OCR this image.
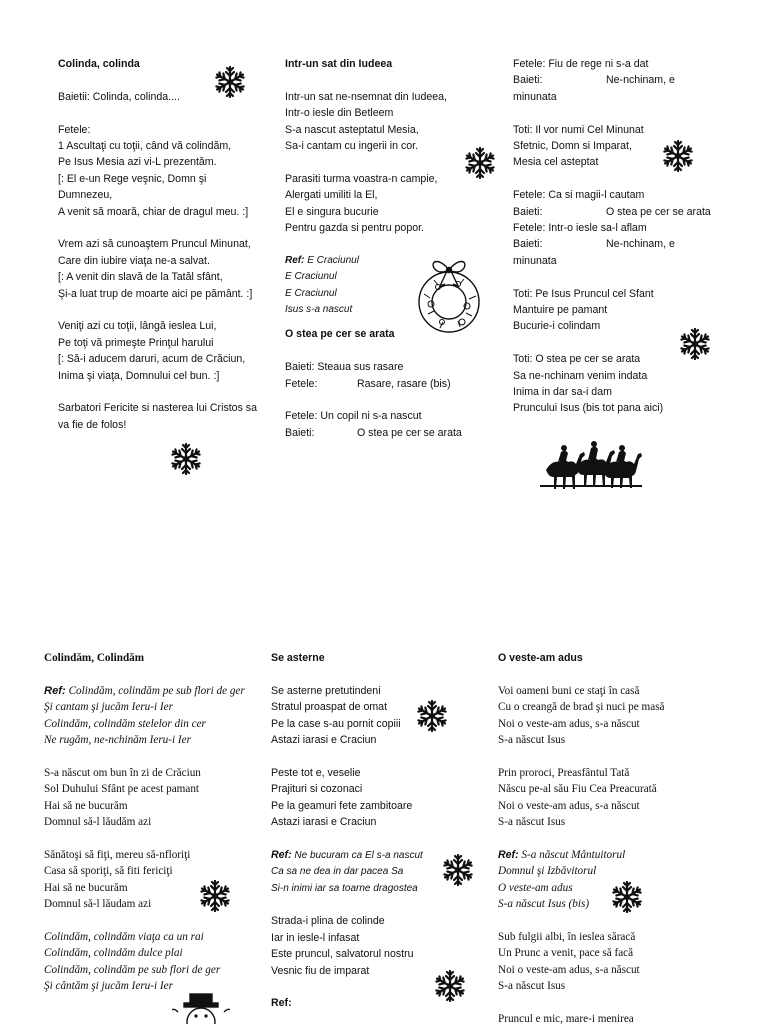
Colinda, colinda
Baietii: Colinda, colinda....
Fetele:
1 Ascultaţi cu toţii, când vă colindăm,
Pe Isus Mesia azi vi-L prezentăm.
[: El e-un Rege veşnic, Domn şi
Dumnezeu,
A venit să moară, chiar de dragul meu. :]
Vrem azi să cunoaştem Pruncul Minunat,
Care din iubire viaţa ne-a salvat.
[: A venit din slavă de la Tatăl sfânt,
Şi-a luat trup de moarte aici pe pământ. :]
Veniţi azi cu toţii, lângă ieslea Lui,
Pe toţi vă primeşte Prinţul harului
[: Să-i aducem daruri, acum de Crăciun,
Inima şi viaţa, Domnului cel bun. :]
Sarbatori Fericite si nasterea lui Cristos sa
va fie de folos!
Intr-un sat din Iudeea
Intr-un sat ne-nsemnat din Iudeea,
Intr-o iesle din Betleem
S-a nascut asteptatul Mesia,
Sa-i cantam cu ingerii in cor.
Parasiti turma voastra-n campie,
Alergati umiliti la El,
El e singura bucurie
Pentru gazda si pentru popor.
Ref: E Craciunul
E Craciunul
E Craciunul
Isus s-a nascut
O stea pe cer se arata
Baieti: Steaua sus rasare
Fetele:	Rasare, rasare (bis)
Fetele: Un copil ni s-a nascut
Baieti:	O stea pe cer se arata
Fetele: Fiu de rege ni s-a dat
Baieti:	Ne-nchinam, e
minunata
Toti: Il vor numi Cel Minunat
Sfetnic, Domn si Imparat,
Mesia cel asteptat
Fetele: Ca si magii-l cautam
Baieti:	O stea pe cer se arata
Fetele: Intr-o iesle sa-l aflam
Baieti:	Ne-nchinam, e
minunata
Toti: Pe Isus Pruncul cel Sfant
Mantuire pe pamant
Bucurie-i colindam
Toti: O stea pe cer se arata
Sa ne-nchinam venim indata
Inima in dar sa-i dam
Pruncului Isus (bis tot pana aici)
Colindăm, Colindăm
Ref: Colindăm, colindăm pe sub flori de ger
Şi cantam şi jucăm Ieru-i Ier
Colindăm, colindăm stelelor din cer
Ne rugăm, ne-nchinăm Ieru-i Ier
S-a născut om bun în zi de Crăciun
Sol Duhului Sfânt pe acest pamant
Hai să ne bucurăm
Domnul să-l lăudăm azi
Sănătoşi să fiţi, mereu să-nfloriţi
Casa să sporiţi, să fiti fericiţi
Hai să ne bucurăm
Domnul să-l lăudam azi
Colindăm, colindăm viaţa ca un rai
Colindăm, colindăm dulce plai
Colindăm, colindăm pe sub flori de ger
Şi cântăm şi jucăm Ieru-i Ier
Se asterne
Se asterne pretutindeni
Stratul proaspat de omat
Pe la case s-au pornit copiii
Astazi iarasi e Craciun
Peste tot e, veselie
Prajituri si cozonaci
Pe la geamuri fete zambitoare
Astazi iarasi e Craciun
Ref: Ne bucuram ca El s-a nascut
Ca sa ne dea in dar pacea Sa
Si-n inimi iar sa toarne dragostea
Strada-i plina de colinde
Iar in iesle-l infasat
Este pruncul, salvatorul nostru
Vesnic fiu de imparat
Ref:
O veste-am adus
Voi oameni buni ce staţi în casă
Cu o creangă de brad şi nuci pe masă
Noi o veste-am adus, s-a născut
S-a născut Isus
Prin proroci, Preasfântul Tată
Născu pe-al său Fiu Cea Preacurată
Noi o veste-am adus, s-a născut
S-a născut Isus
Ref: S-a născut Mântuitorul
Domnul şi Izbăvitorul
O veste-am adus
S-a născut Isus (bis)
Sub fulgii albi, în ieslea săracă
Un Prunc a venit, pace să facă
Noi o veste-am adus, s-a născut
S-a născut Isus
Pruncul e mic, mare-i menirea
